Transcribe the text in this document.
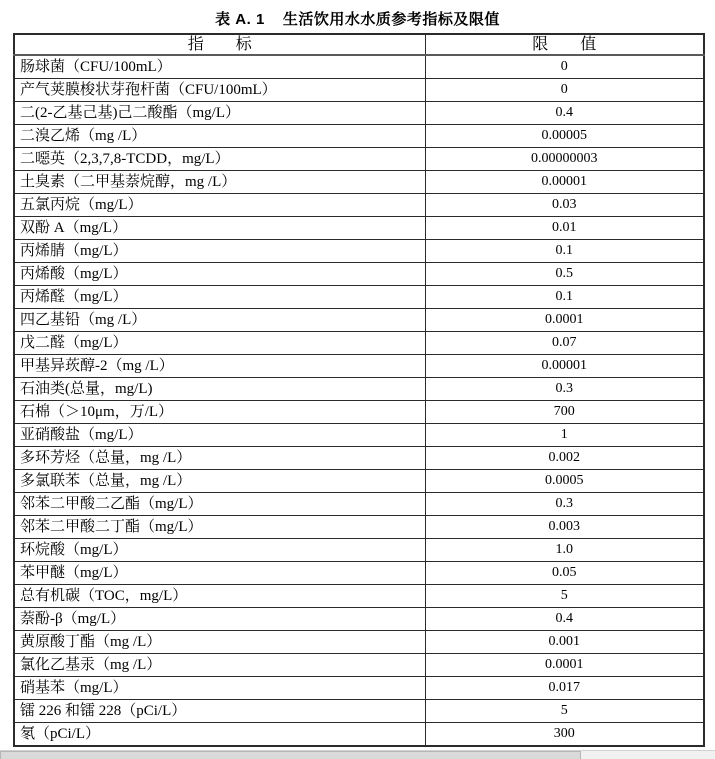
表 A. 1 生活饮用水水质参考指标及限值
指　　标	限　　值
肠球菌（CFU/100mL）	0
产气荚膜梭状芽孢杆菌（CFU/100mL）	0
二(2-乙基己基)己二酸酯（mg/L）	0.4
二溴乙烯（mg /L）	0.00005
二噁英（2,3,7,8-TCDD，mg/L）	0.00000003
土臭素（二甲基萘烷醇，mg /L）	0.00001
五氯丙烷（mg/L）	0.03
双酚 A（mg/L）	0.01
丙烯腈（mg/L）	0.1
丙烯酸（mg/L）	0.5
丙烯醛（mg/L）	0.1
四乙基铅（mg /L）	0.0001
戊二醛（mg/L）	0.07
甲基异莰醇-2（mg /L）	0.00001
石油类(总量，mg/L)	0.3
石棉（＞10μm，万/L）	700
亚硝酸盐（mg/L）	1
多环芳烃（总量，mg /L）	0.002
多氯联苯（总量，mg /L）	0.0005
邻苯二甲酸二乙酯（mg/L）	0.3
邻苯二甲酸二丁酯（mg/L）	0.003
环烷酸（mg/L）	1.0
苯甲醚（mg/L）	0.05
总有机碳（TOC，mg/L）	5
萘酚-β（mg/L）	0.4
黄原酸丁酯（mg /L）	0.001
氯化乙基汞（mg /L）	0.0001
硝基苯（mg/L）	0.017
镭 226 和镭 228（pCi/L）	5
氡（pCi/L）	300
